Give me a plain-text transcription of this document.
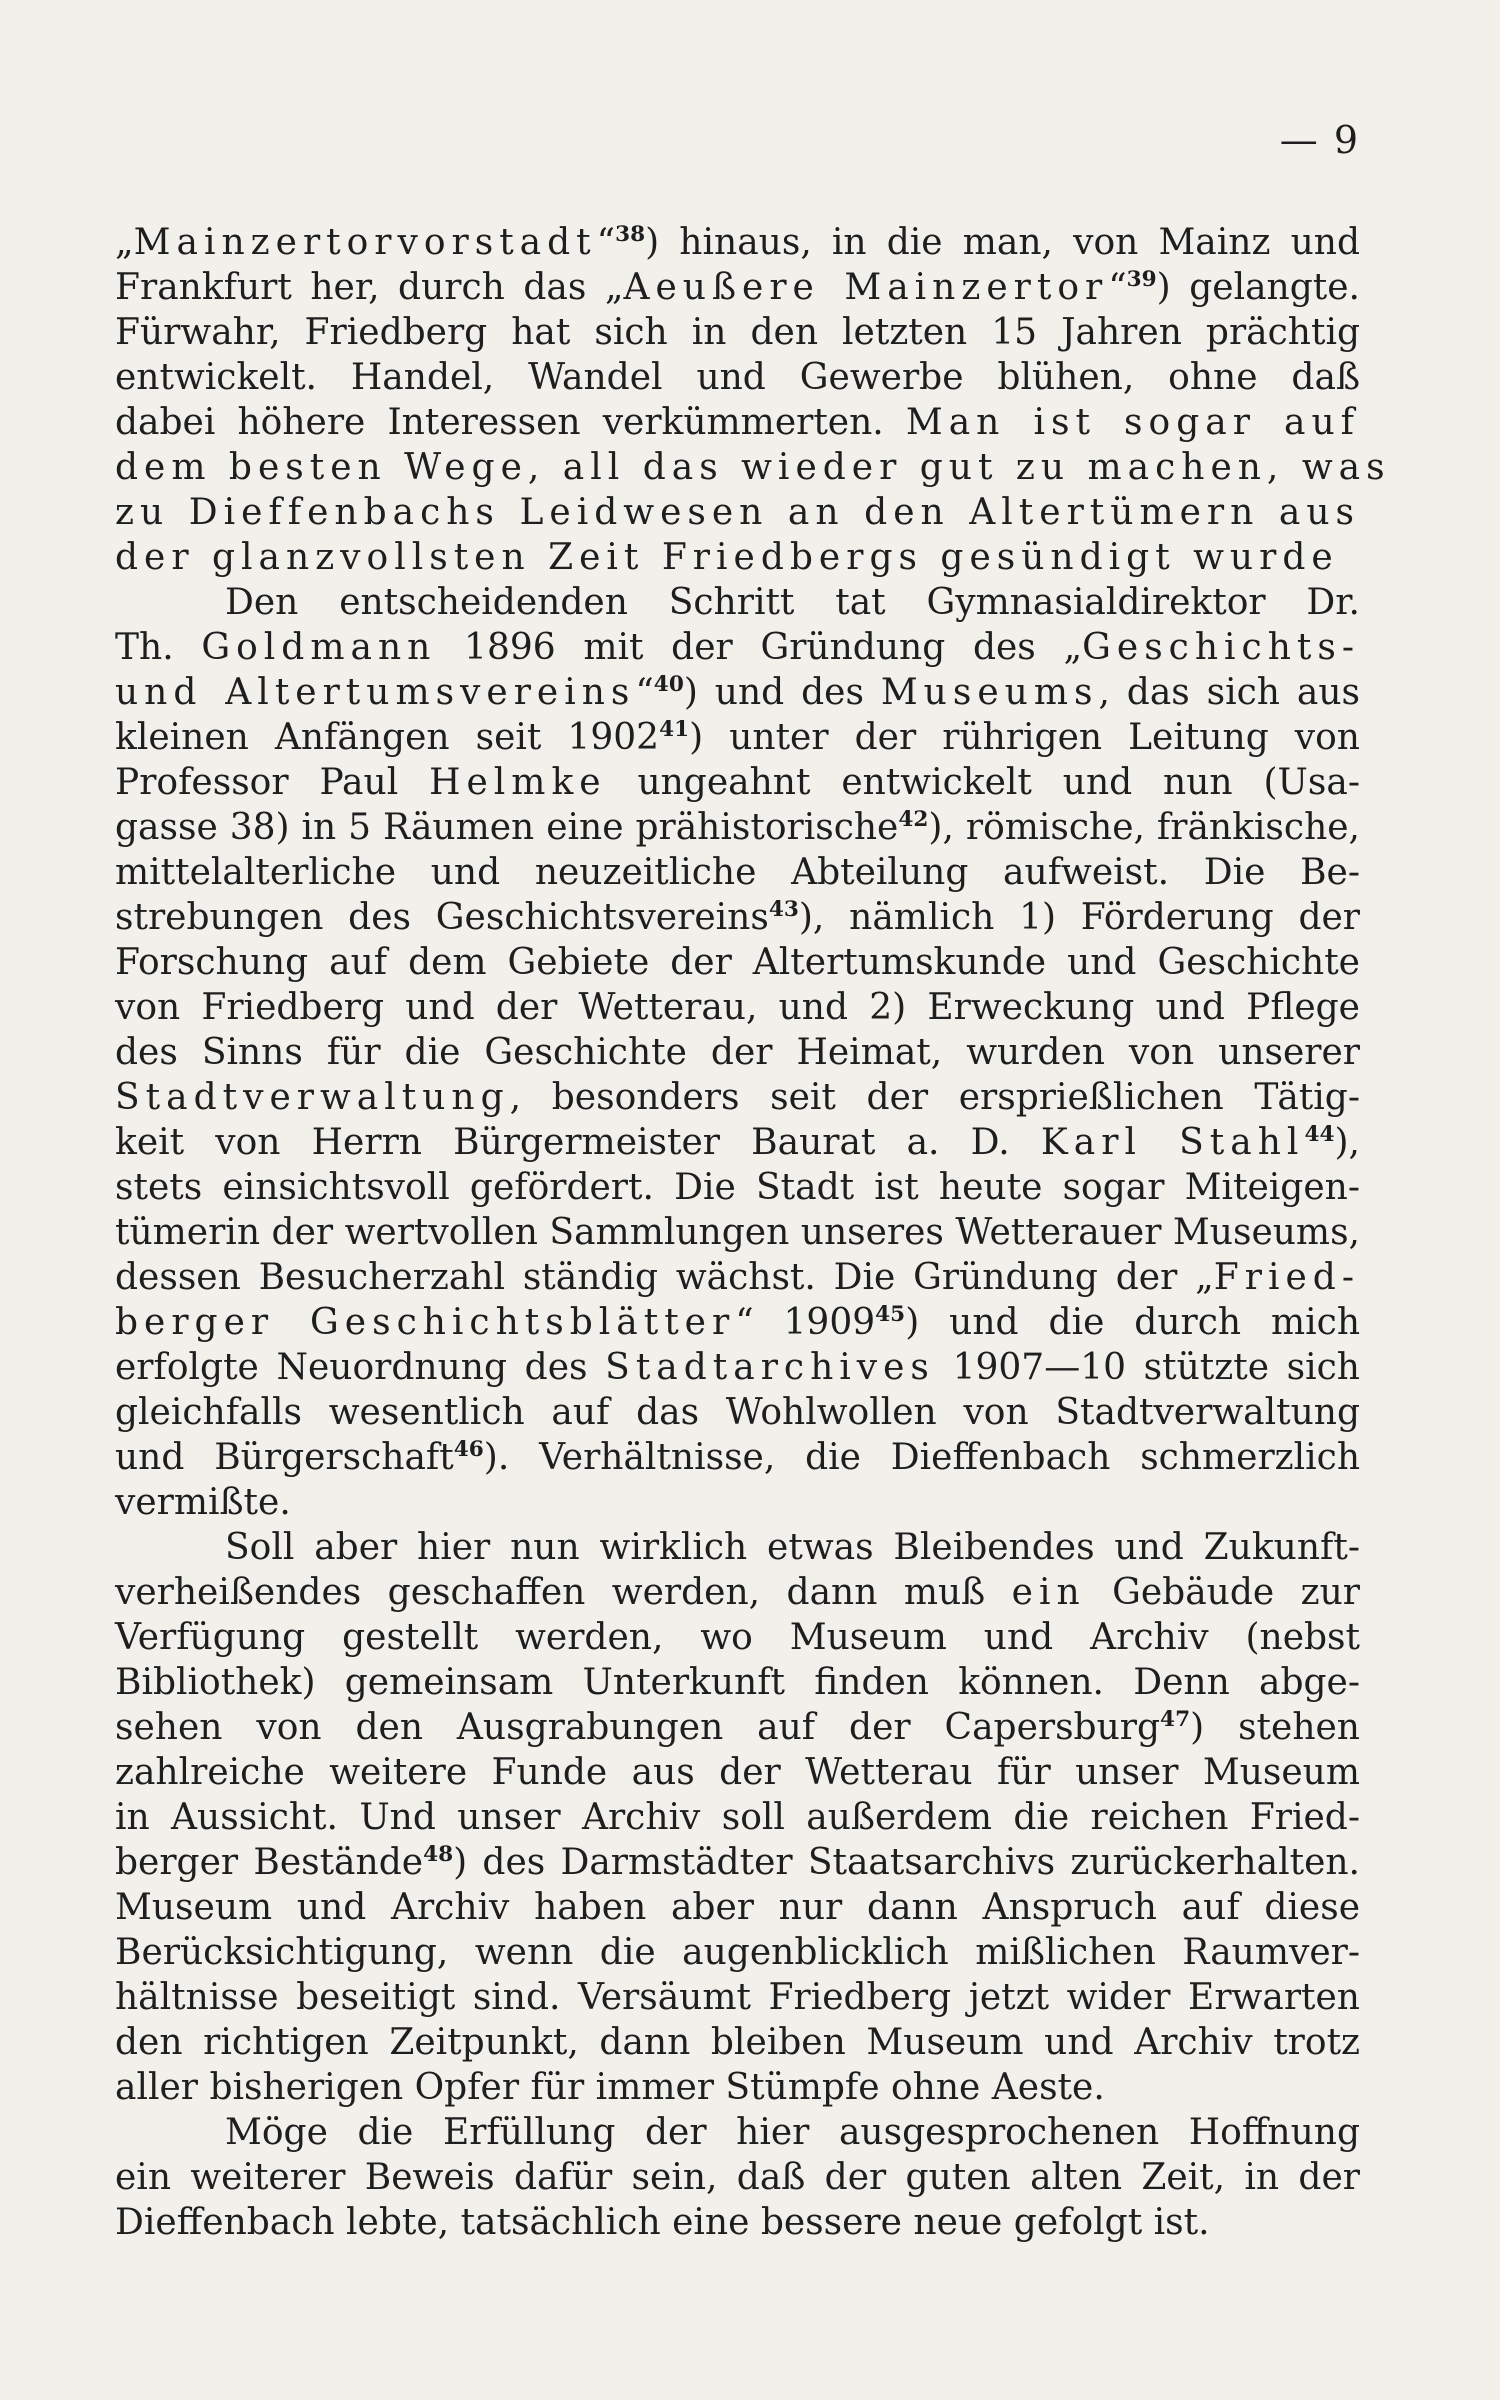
— 9
„Mainzertorvorstadt“$^{38}$) hinaus, in die man, von Mainz und
Frankfurt her, durch das „Aeußere Mainzertor“$^{39}$) gelangte.
Fürwahr, Friedberg hat sich in den letzten 15 Jahren prächtig
entwickelt. Handel, Wandel und Gewerbe blühen, ohne daß
dabei höhere Interessen verkümmerten. Man ist sogar auf
dem besten Wege, all das wieder gut zu machen, was
zu Dieffenbachs Leidwesen an den Altertümern aus
der glanzvollsten Zeit Friedbergs gesündigt wurde
Den entscheidenden Schritt tat Gymnasialdirektor Dr.
Th. Goldmann 1896 mit der Gründung des „Geschichts-
und Altertumsvereins“$^{40}$) und des Museums, das sich aus
kleinen Anfängen seit 1902$^{41}$) unter der rührigen Leitung von
Professor Paul Helmke ungeahnt entwickelt und nun (Usa-
gasse 38) in 5 Räumen eine prähistorische$^{42}$), römische, fränkische,
mittelalterliche und neuzeitliche Abteilung aufweist. Die Be-
strebungen des Geschichtsvereins$^{43}$), nämlich 1) Förderung der
Forschung auf dem Gebiete der Altertumskunde und Geschichte
von Friedberg und der Wetterau, und 2) Erweckung und Pflege
des Sinns für die Geschichte der Heimat, wurden von unserer
Stadtverwaltung, besonders seit der ersprießlichen Tätig-
keit von Herrn Bürgermeister Baurat a. D. Karl Stahl$^{44}$),
stets einsichtsvoll gefördert. Die Stadt ist heute sogar Miteigen-
tümerin der wertvollen Sammlungen unseres Wetterauer Museums,
dessen Besucherzahl ständig wächst. Die Gründung der „Fried-
berger Geschichtsblätter“ 1909$^{45}$) und die durch mich
erfolgte Neuordnung des Stadtarchives 1907—10 stützte sich
gleichfalls wesentlich auf das Wohlwollen von Stadtverwaltung
und Bürgerschaft$^{46}$). Verhältnisse, die Dieffenbach schmerzlich
vermißte.
Soll aber hier nun wirklich etwas Bleibendes und Zukunft-
verheißendes geschaffen werden, dann muß ein Gebäude zur
Verfügung gestellt werden, wo Museum und Archiv (nebst
Bibliothek) gemeinsam Unterkunft finden können. Denn abge-
sehen von den Ausgrabungen auf der Capersburg$^{47}$) stehen
zahlreiche weitere Funde aus der Wetterau für unser Museum
in Aussicht. Und unser Archiv soll außerdem die reichen Fried-
berger Bestände$^{48}$) des Darmstädter Staatsarchivs zurückerhalten.
Museum und Archiv haben aber nur dann Anspruch auf diese
Berücksichtigung, wenn die augenblicklich mißlichen Raumver-
hältnisse beseitigt sind. Versäumt Friedberg jetzt wider Erwarten
den richtigen Zeitpunkt, dann bleiben Museum und Archiv trotz
aller bisherigen Opfer für immer Stümpfe ohne Aeste.
Möge die Erfüllung der hier ausgesprochenen Hoffnung
ein weiterer Beweis dafür sein, daß der guten alten Zeit, in der
Dieffenbach lebte, tatsächlich eine bessere neue gefolgt ist.
